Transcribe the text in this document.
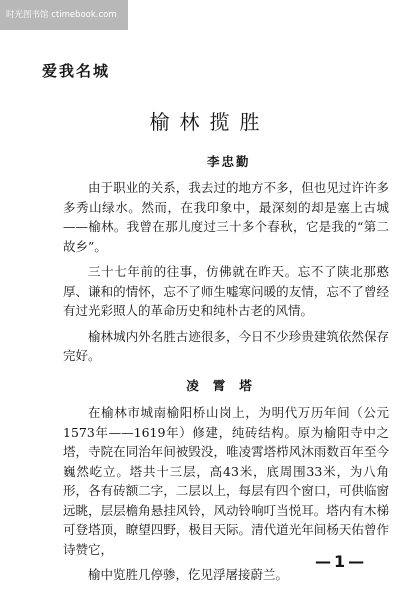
时光图书馆 ctimebook.com
爱我名城
榆林揽胜
李忠勤

由于职业的关系，我去过的地方不多，但也见过许许多多秀山绿水。然而，在我印象中，最深刻的却是塞上古城——榆林。我曾在那儿度过三十多个春秋，它是我的“第二故乡”。

三十七年前的往事，仿佛就在昨天。忘不了陕北那憨厚、谦和的情怀，忘不了师生嘘寒问暖的友情，忘不了曾经有过光彩照人的革命历史和纯朴古老的风情。

榆林城内外名胜古迹很多，今日不少珍贵建筑依然保存完好。

凌霄塔

在榆林市城南榆阳桥山岗上，为明代万历年间（公元1573年——1619年）修建，纯砖结构。原为榆阳寺中之塔，寺院在同治年间被毁没，唯凌霄塔栉风沐雨数百年至今巍然屹立。塔共十三层，高43米，底周围33米，为八角形，各有砖额二字，二层以上，每层有四个窗口，可供临窗远眺，层层檐角悬挂风铃，风动铃响叮当悦耳。塔内有木梯可登塔顶，瞭望四野，极目天际。清代道光年间杨天佑曾作诗赞它，

榆中览胜几停骖，仡见浮屠接蔚兰。

—1—
